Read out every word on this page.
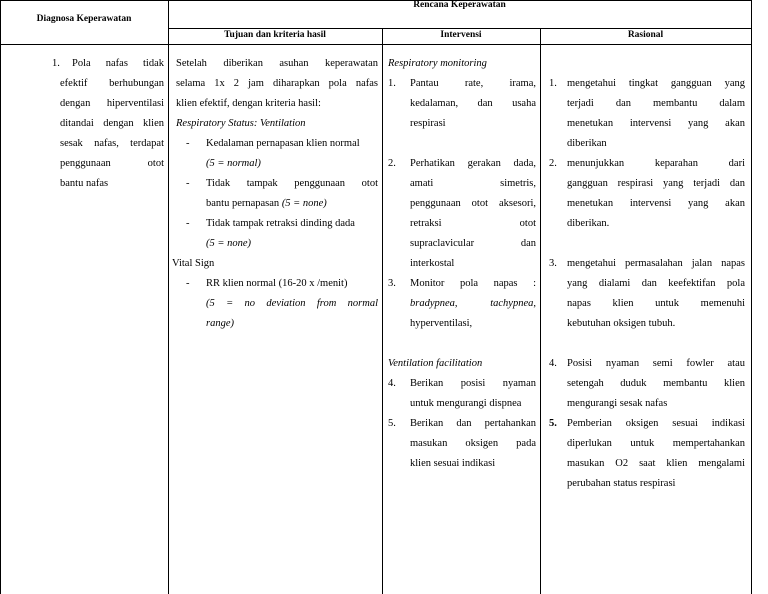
Diagnosa Keperawatan
Rencana Keperawatan
Tujuan dan kriteria hasil	Intervensi	Rasional
1. Pola nafas tidak
efektif berhubungan
dengan hiperventilasi
ditandai dengan klien
sesak nafas, terdapat
penggunaan otot
bantu nafas
Setelah diberikan asuhan keperawatan
selama 1x 2 jam diharapkan pola nafas
klien efektif, dengan kriteria hasil:
Respiratory Status: Ventilation
- Kedalaman pernapasan klien normal
(5 = normal)
- Tidak tampak penggunaan otot
bantu pernapasan (5 = none)
- Tidak tampak retraksi dinding dada
(5 = none)
Vital Sign
- RR klien normal (16-20 x /menit)
(5 = no deviation from normal
range)
Respiratory monitoring
1. Pantau rate, irama,
kedalaman, dan usaha
respirasi
2. Perhatikan gerakan dada,
amati simetris,
penggunaan otot aksesori,
retraksi otot
supraclavicular dan
interkostal
3. Monitor pola napas :
bradypnea, tachypnea,
hyperventilasi,
Ventilation facilitation
4. Berikan posisi nyaman
untuk mengurangi dispnea
5. Berikan dan pertahankan
masukan oksigen pada
klien sesuai indikasi
1. mengetahui tingkat gangguan yang
terjadi dan membantu dalam
menetukan intervensi yang akan
diberikan
2. menunjukkan keparahan dari
gangguan respirasi yang terjadi dan
menetukan intervensi yang akan
diberikan.
3. mengetahui permasalahan jalan napas
yang dialami dan keefektifan pola
napas klien untuk memenuhi
kebutuhan oksigen tubuh.
4. Posisi nyaman semi fowler atau
setengah duduk membantu klien
mengurangi sesak nafas
5. Pemberian oksigen sesuai indikasi
diperlukan untuk mempertahankan
masukan O2 saat klien mengalami
perubahan status respirasi
